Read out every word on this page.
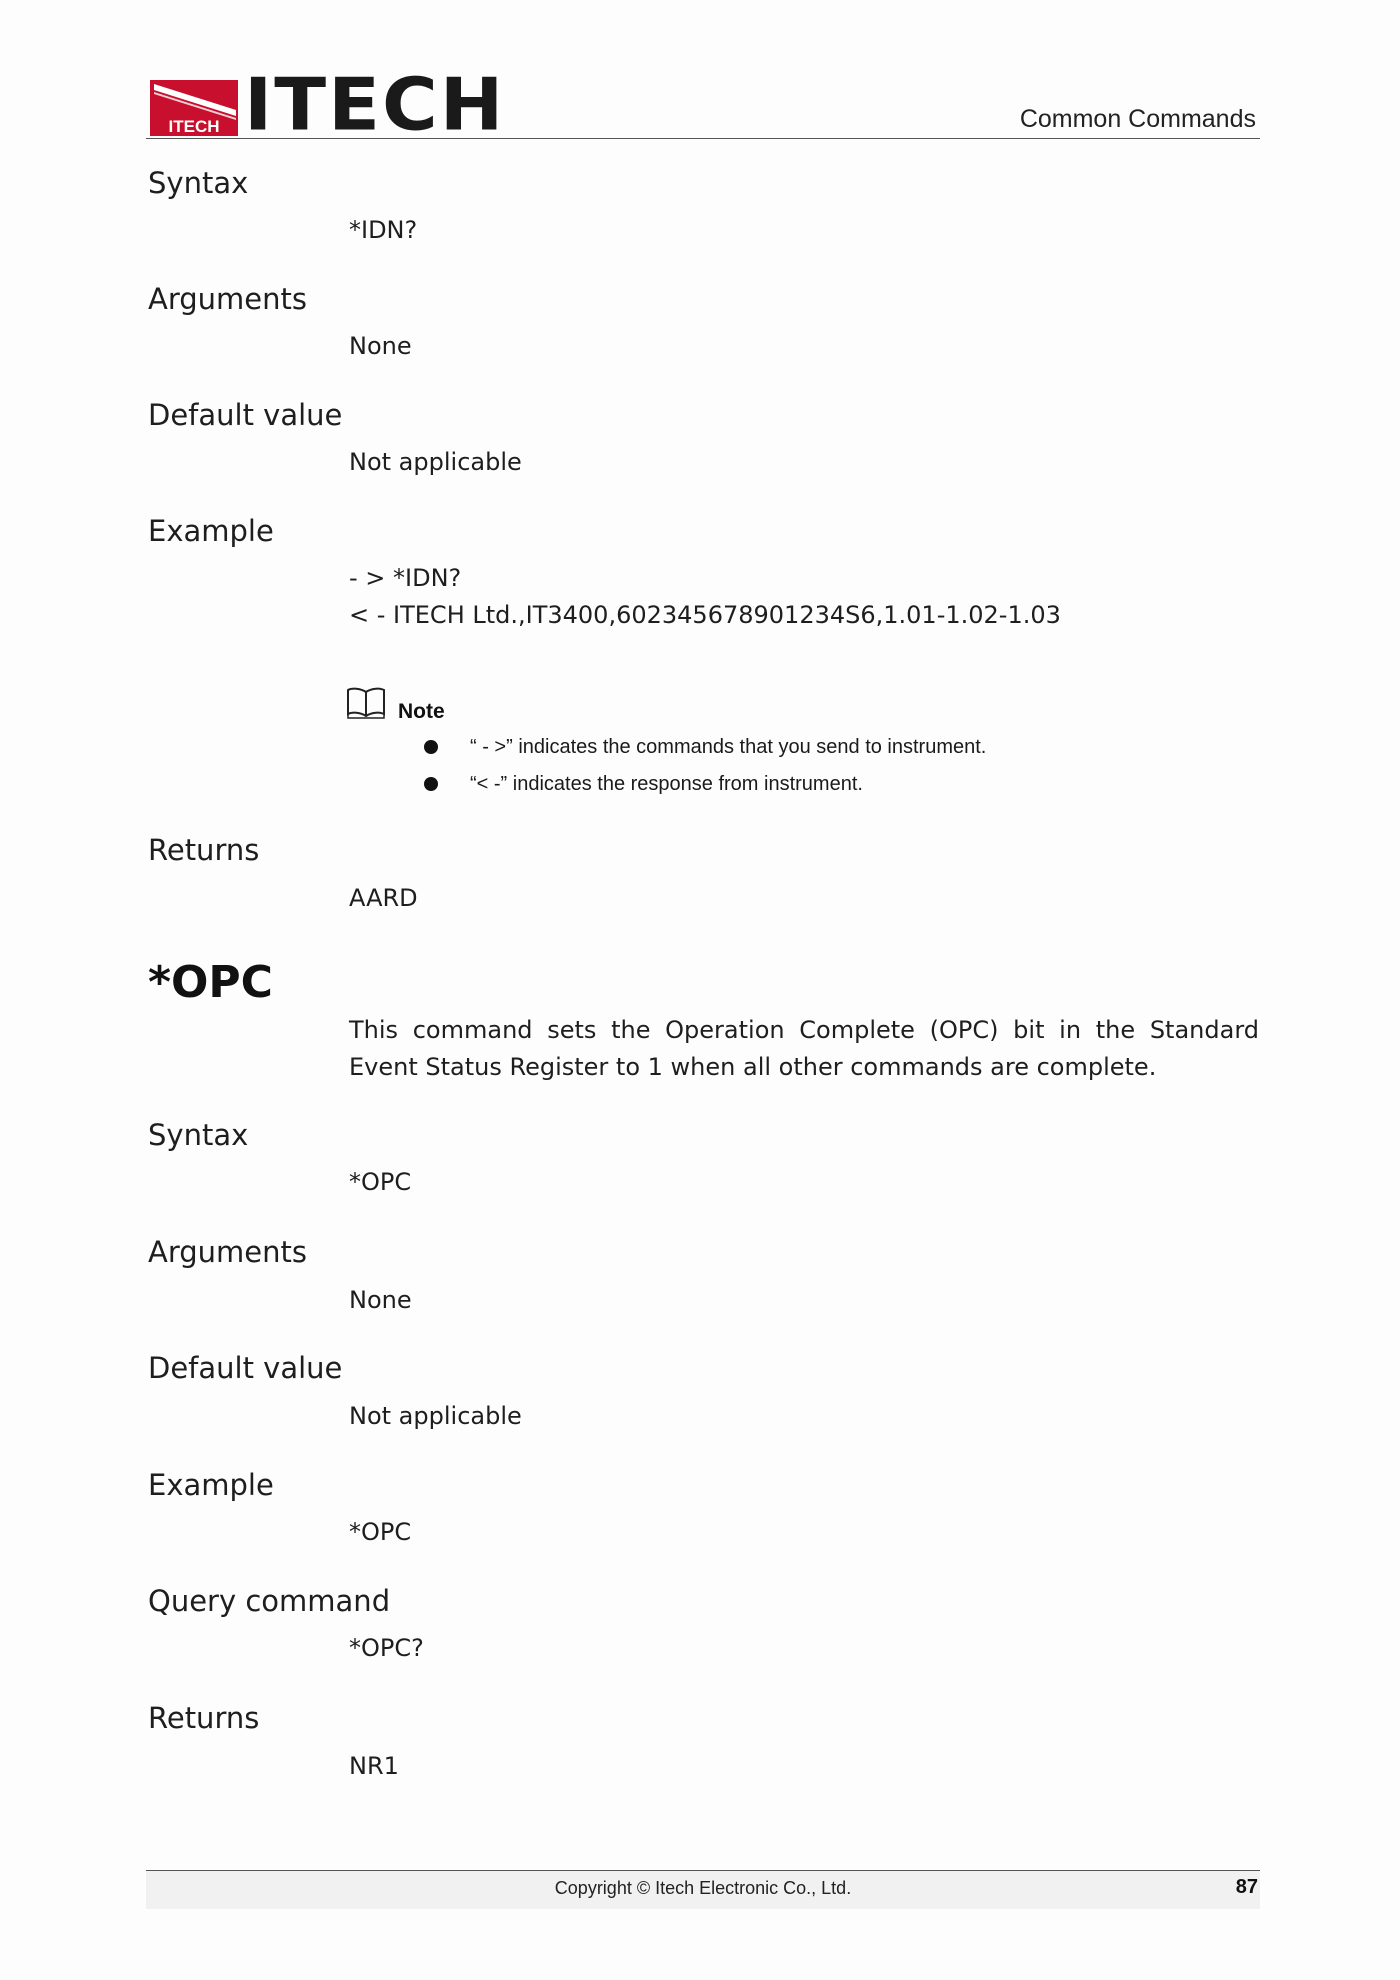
ITECH ITECH	Common Commands
Syntax
*IDN?
Arguments
None
Default value
Not applicable
Example
- > *IDN?
< - ITECH Ltd.,IT3400,602345678901234S6,1.01-1.02-1.03
Note
“ - >” indicates the commands that you send to instrument.
“< -” indicates the response from instrument.
Returns
AARD
*OPC
This command sets the Operation Complete (OPC) bit in the Standard Event Status Register to 1 when all other commands are complete.
Syntax
*OPC
Arguments
None
Default value
Not applicable
Example
*OPC
Query command
*OPC?
Returns
NR1
Copyright © Itech Electronic Co., Ltd.	87
